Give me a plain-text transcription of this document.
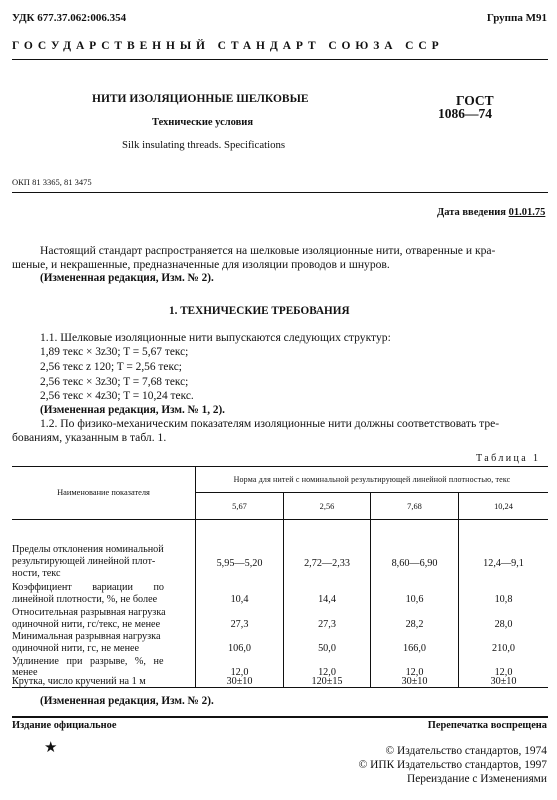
УДК 677.37.062:006.354	Группа М91
ГОСУДАРСТВЕННЫЙ СТАНДАРТ СОЮЗА ССР
НИТИ ИЗОЛЯЦИОННЫЕ ШЕЛКОВЫЕ
Технические условия
Silk insulating threads. Specifications
ГОСТ
1086—74
ОКП 81 3365, 81 3475
Дата введения 01.01.75
Настоящий стандарт распространяется на шелковые изоляционные нити, отваренные и кра-
шеные, и некрашенные, предназначенные для изоляции проводов и шнуров.
(Измененная редакция, Изм. № 2).
1. ТЕХНИЧЕСКИЕ ТРЕБОВАНИЯ
1.1. Шелковые изоляционные нити выпускаются следующих структур:
1,89 текс × 3z30; T = 5,67 текс;
2,56 текс z 120; T = 2,56 текс;
2,56 текс × 3z30; T = 7,68 текс;
2,56 текс × 4z30; T = 10,24 текс.
(Измененная редакция, Изм. № 1, 2).
1.2. По физико-механическим показателям изоляционные нити должны соответствовать тре-
бованиям, указанным в табл. 1.
Таблица 1
Наименование показателя
Норма для нитей с номинальной результирующей линейной плотностью, текс
5,67	2,56	7,68	10,24
Пределы отклонения номинальной
результирующей линейной плот-
ности, текс
5,95—5,20	2,72—2,33	8,60—6,90	12,4—9,1
Коэффициент вариации по
линейной плотности, %, не более	10,4	14,4	10,6	10,8
Относительная разрывная нагрузка
одиночной нити, гс/текс, не менее	27,3	27,3	28,2	28,0
Минимальная разрывная нагрузка
одиночной нити, гс, не менее	106,0	50,0	166,0	210,0
Удлинение при разрыве, %, не
менее	12,0	12,0	12,0	12,0
Крутка, число кручений на 1 м	30±10	120±15	30±10	30±10
(Измененная редакция, Изм. № 2).
Издание официальное	Перепечатка воспрещена
★	© Издательство стандартов, 1974
© ИПК Издательство стандартов, 1997
Переиздание с Изменениями
